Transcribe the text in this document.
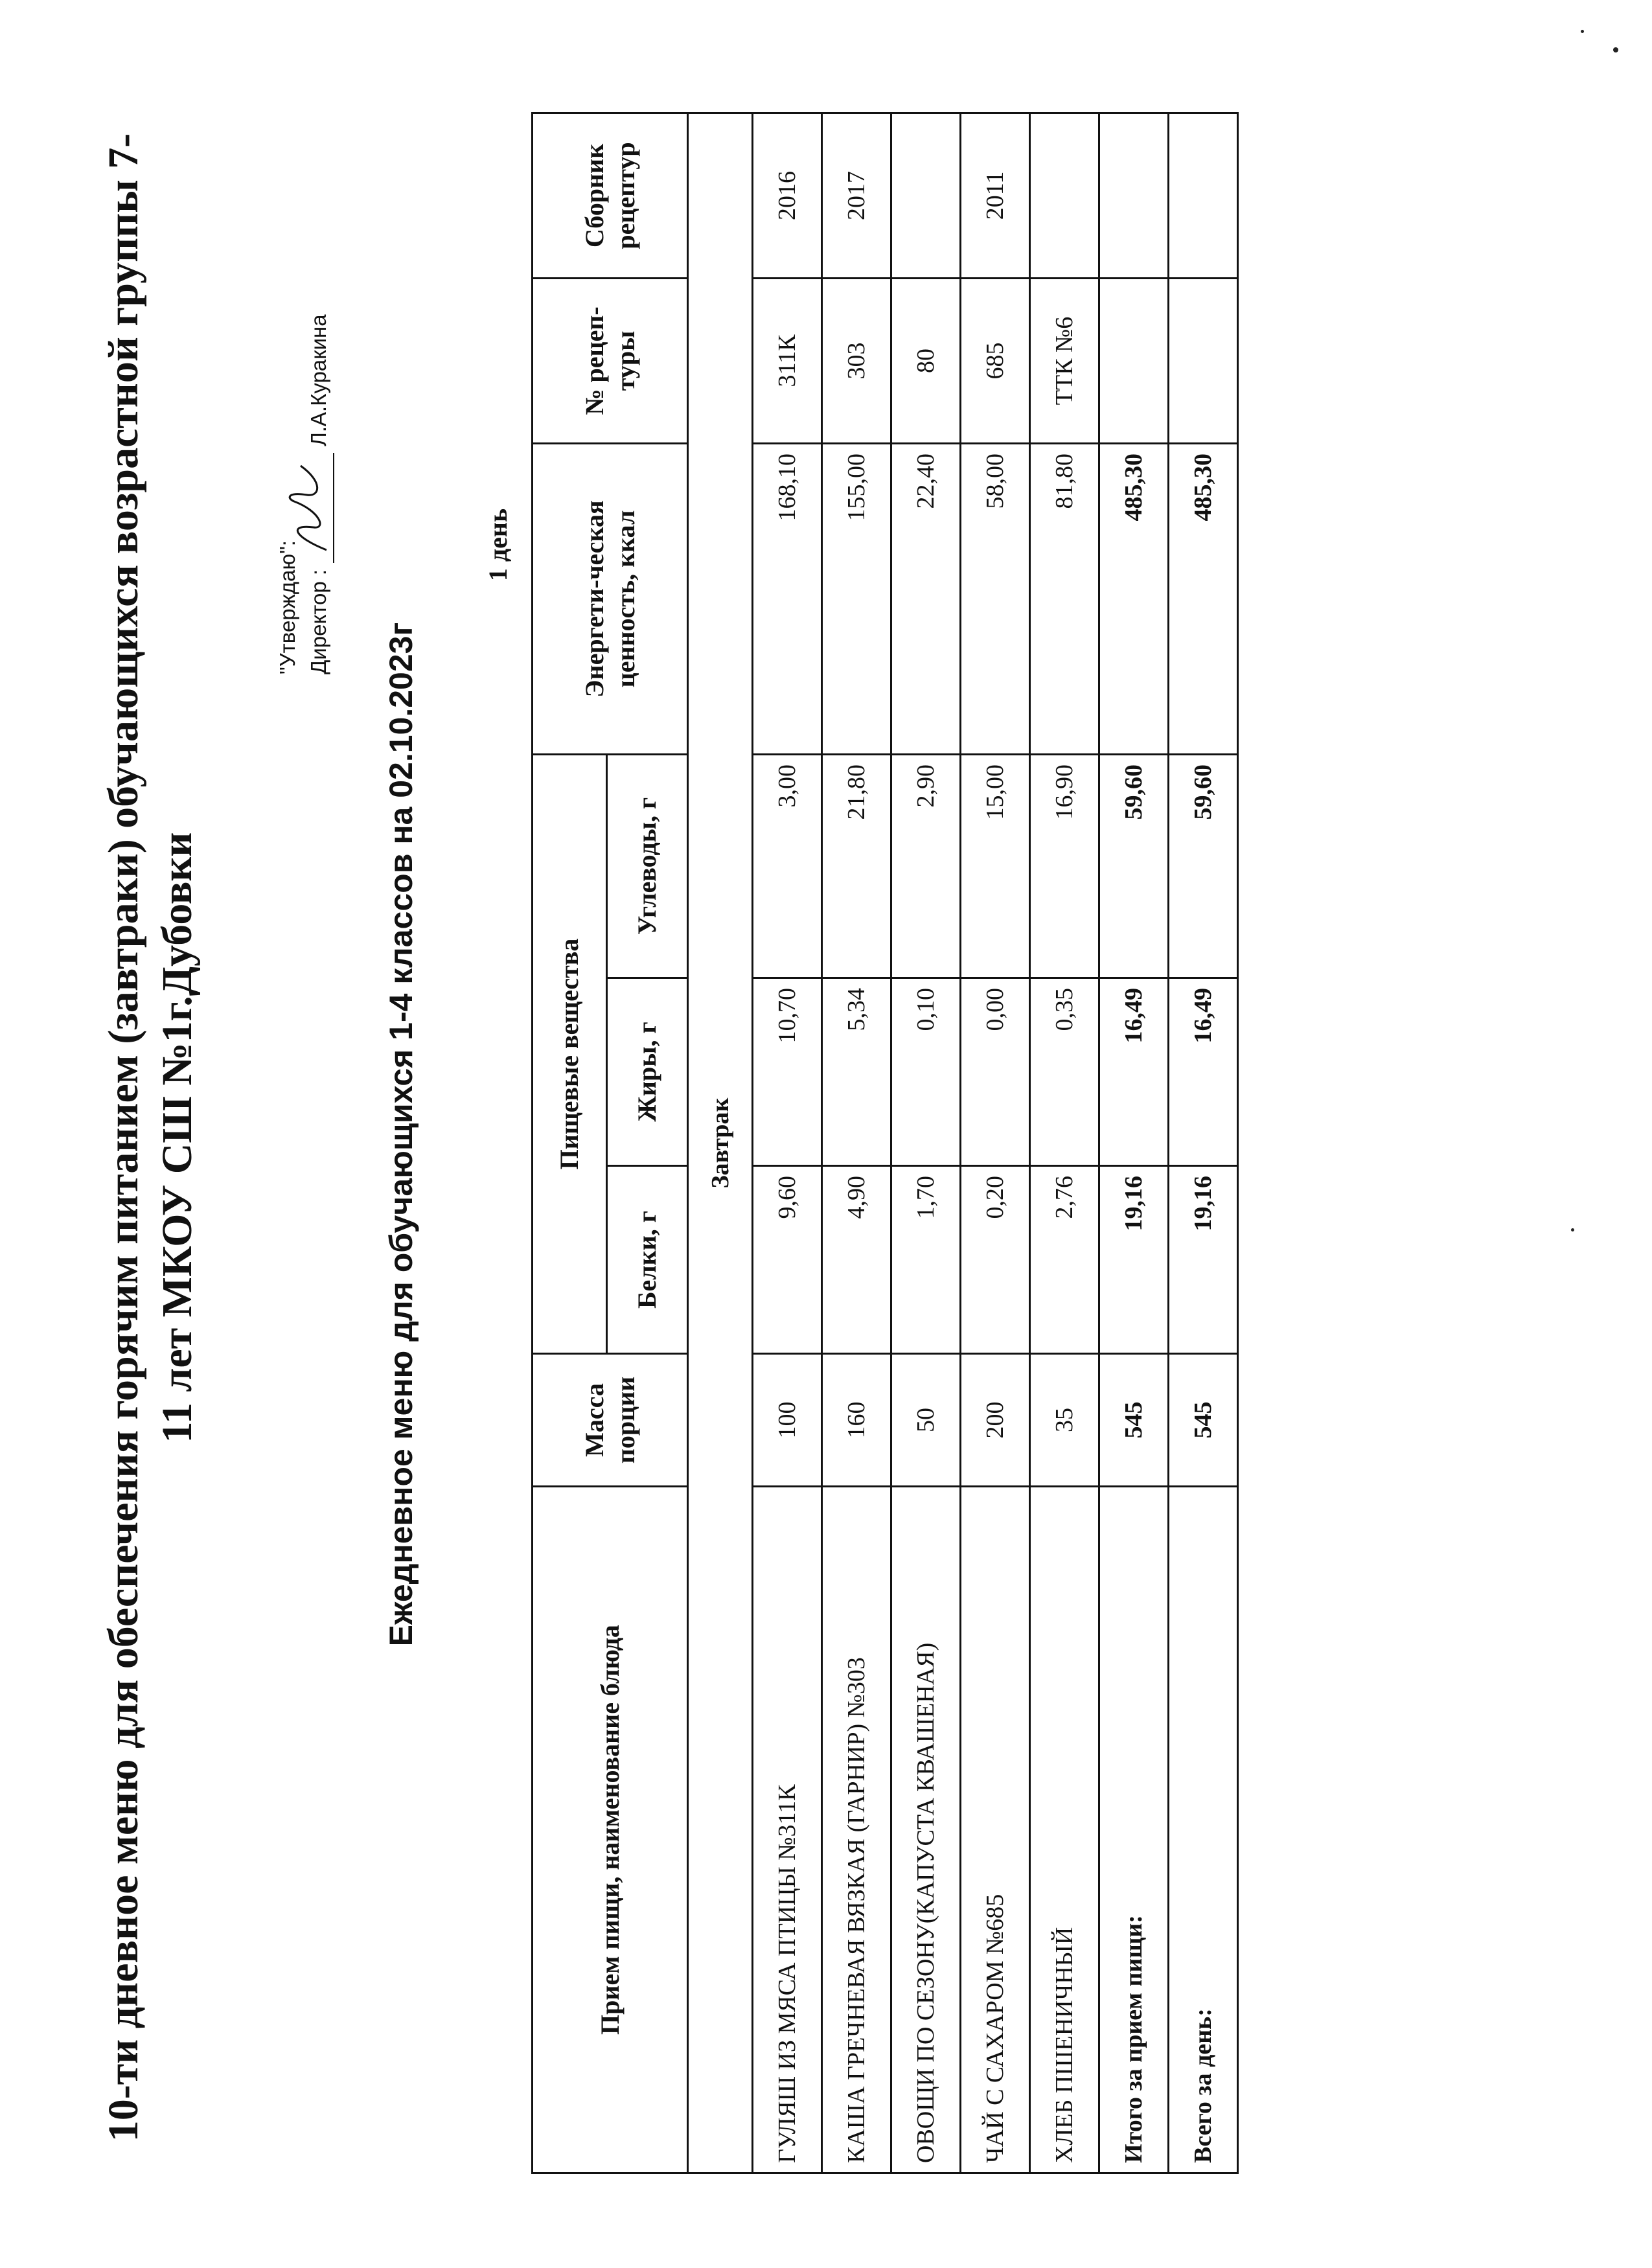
10-ти дневное меню для обеспечения горячим питанием (завтраки) обучающихся возрастной группы 7- 11 лет МКОУ СШ №1г.Дубовки
"Утверждаю": Директор :
Л.А.Куракина
Ежедневное меню для обучающихся 1-4 классов на 02.10.2023г
1 день
Прием пищи, наименование блюда	Масса порции	Пищевые вещества			Энергети-ческая ценность, ккал	№ рецеп- туры	Сборник рецептур
		Белки, г	Жиры, г	Углеводы, г			
Завтрак							
ГУЛЯШ ИЗ МЯСА ПТИЦЫ №311К	100	9,60	10,70	3,00	168,10	311К	2016
КАША ГРЕЧНЕВАЯ ВЯЗКАЯ (ГАРНИР) №303	160	4,90	5,34	21,80	155,00	303	2017
ОВОЩИ ПО СЕЗОНУ(КАПУСТА КВАШЕНАЯ)	50	1,70	0,10	2,90	22,40	80	
ЧАЙ С САХАРОМ №685	200	0,20	0,00	15,00	58,00	685	2011
ХЛЕБ ПШЕНИЧНЫЙ	35	2,76	0,35	16,90	81,80	ТТК №6	
Итого за прием пищи:	545	19,16	16,49	59,60	485,30		
Всего за день:	545	19,16	16,49	59,60	485,30		
